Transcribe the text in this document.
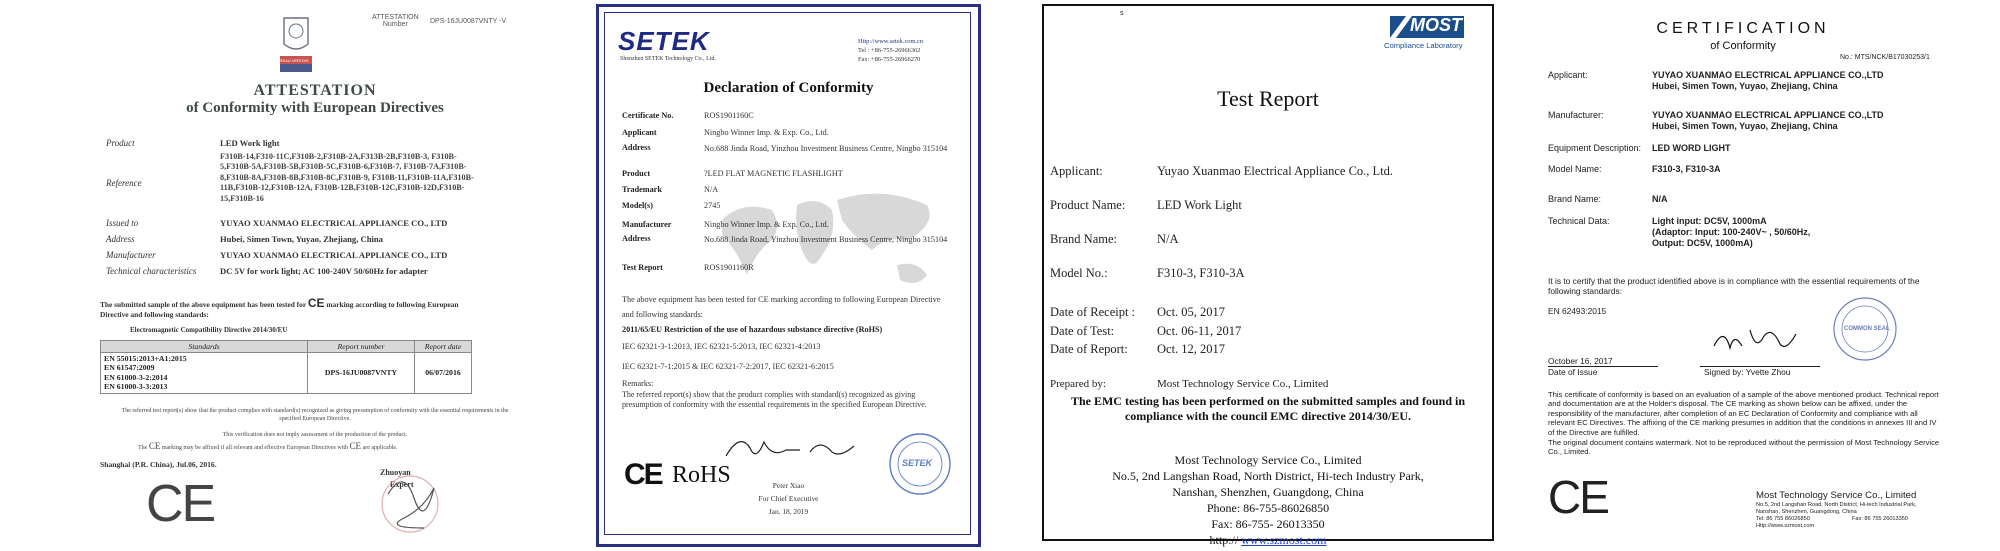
BUREAU VERITAS
ATTESTATION
Number	DPS-16JU0087VNTY -V
ATTESTATION
of Conformity with European Directives
Product	LED Work light
Reference
F310B-14,F310-11C,F310B-2,F310B-2A,F313B-2B,F310B-3, F310B-5,F310B-5A,F310B-5B,F310B-5C,F310B-6,F310B-7, F310B-7A,F310B-8,F310B-8A,F310B-8B,F310B-8C,F310B-9, F310B-11,F310B-11A,F310B-11B,F310B-12,F310B-12A, F310B-12B,F310B-12C,F310B-12D,F310B-15,F310B-16
Issued to	YUYAO XUANMAO ELECTRICAL APPLIANCE CO., LTD
Address	Hubei, Simen Town, Yuyao, Zhejiang, China
Manufacturer	YUYAO XUANMAO ELECTRICAL APPLIANCE CO., LTD
Technical characteristics	DC 5V for work light; AC 100-240V 50/60Hz for adapter
The submitted sample of the above equipment has been tested for CE marking according to following European
Directive and following standards:
Electromagnetic Compatibility Directive 2014/30/EU
Standards	Report number	Report date

EN 55015:2013+A1:2015
EN 61547:2009
EN 61000-3-2:2014
EN 61000-3-3:2013	DPS-16JU0087VNTY	06/07/2016
The referred test report(s) show that the product complies with standard(s) recognized as giving presumption of conformity with the essential requirements in the specified European Directive.
This verification does not imply assessment of the production of the product.
The CE marking may be affixed if all relevant and effective European Directives with CE are applicable.
Shanghai (P.R. China), Jul.06, 2016.
Zhuoyan
Expert
CE
SETEK
Shenzhen SETEK Technology Co., Ltd.
Http://www.setek.com.cn
Tel : +86-755-26966362
Fax: +86-755-26966270
Declaration of Conformity
Certificate No.	ROS1901160C
Applicant	Ningbo Winner Imp. & Exp. Co., Ltd.
Address	No.688 Jinda Road, Yinzhou Investment Business Centre, Ningbo 315104
Product	?LED FLAT MAGNETIC FLASHLIGHT
Trademark	N/A
Model(s)	2745
Manufacturer	Ningbo Winner Imp. & Exp. Co., Ltd.
Address	No.688 Jinda Road, Yinzhou Investment Business Centre, Ningbo 315104
Test Report	ROS1901160R
The above equipment has been tested for CE marking according to following European Directive and following standards:
2011/65/EU Restriction of the use of hazardous substance directive (RoHS)
IEC 62321-3-1:2013, IEC 62321-5:2013, IEC 62321-4:2013
IEC 62321-7-1:2015 & IEC 62321-7-2:2017, IEC 62321-6:2015
Remarks:
The referred report(s) show that the product complies with standard(s) recognized as giving presumption of conformity with the essential requirements in the specified European Directive.
Peter Xiao
For Chief Executive
Jan. 18, 2019
CE RoHS	SETEK
s
MOST
Compliance Laboratory
Test Report
Applicant:	Yuyao Xuanmao Electrical Appliance Co., Ltd.
Product Name:	LED Work Light
Brand Name:	N/A
Model No.:	F310-3, F310-3A
Date of Receipt : Oct. 05, 2017
Date of Test:	Oct. 06-11, 2017
Date of Report: Oct. 12, 2017
Prepared by:	Most Technology Service Co., Limited
The EMC testing has been performed on the submitted samples and found in compliance with the council EMC directive 2014/30/EU.
Most Technology Service Co., Limited
No.5, 2nd Langshan Road, North District, Hi-tech Industry Park,
Nanshan, Shenzhen, Guangdong, China
Phone: 86-755-86026850
Fax: 86-755- 26013350
http:// www.szmost.com
CERTIFICATION
of Conformity
No.: MTS/NCK/B17030253/1
Applicant:	YUYAO XUANMAO ELECTRICAL APPLIANCE CO.,LTD
Hubei, Simen Town, Yuyao, Zhejiang, China
Manufacturer:	YUYAO XUANMAO ELECTRICAL APPLIANCE CO.,LTD
Hubei, Simen Town, Yuyao, Zhejiang, China
Equipment Description: LED WORD LIGHT
Model Name:	F310-3, F310-3A
Brand Name:	N/A
Technical Data:	Light input: DC5V, 1000mA
(Adaptor: Input: 100-240V~ , 50/60Hz,
Output: DC5V, 1000mA)
It is to certify that the product identified above is in compliance with the essential requirements of the following standards:
EN 62493:2015
COMMON SEAL
October 16, 2017
Date of Issue	Signed by: Yvette Zhou
This certificate of conformity is based on an evaluation of a sample of the above mentioned product. Technical report and documentation are at the Holder's disposal. The CE marking as shown below can be affixed, under the responsibility of the manufacturer, after completion of an EC Declaration of Conformity and compliance with all relevant EC Directives. The affixing of the CE marking presumes in addition that the conditions in annexes III and IV of the Directive are fulfilled.
The original document contains watermark. Not to be reproduced without the permission of Most Technology Service Co., Limited.
CE	Most Technology Service Co., Limited
No.5, 2nd Langshan Road, North District, Hi-tech Industrial Park,
Nanshan, Shenzhen, Guangdong, China
Tel: 86 755 86026850	Fax: 86 755 26013350
Http://www.szmost.com
